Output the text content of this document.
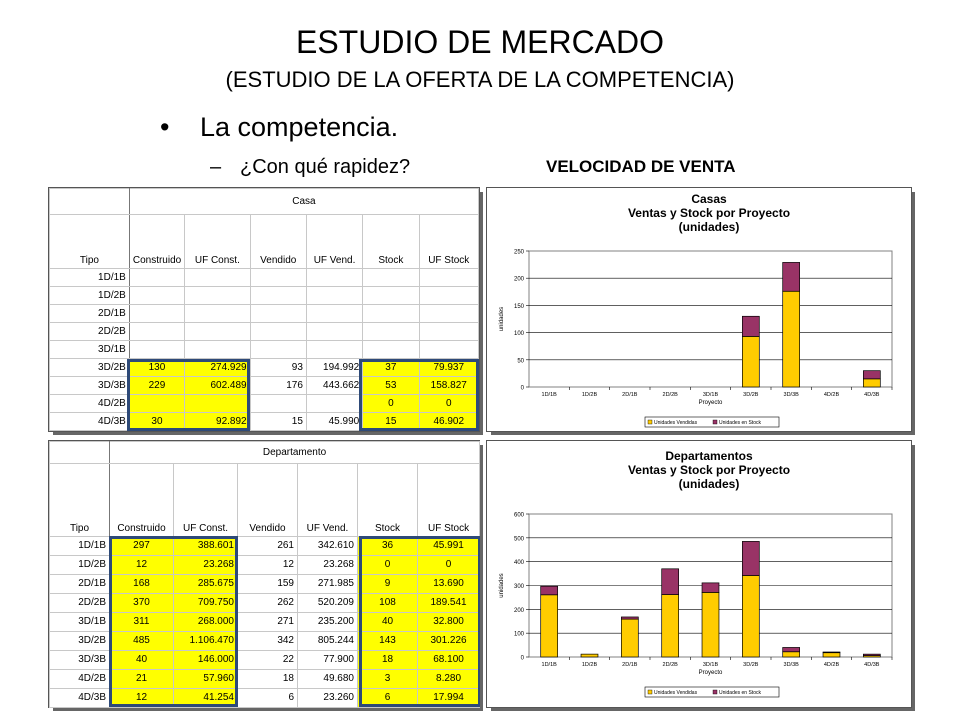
ESTUDIO DE MERCADO
(ESTUDIO DE LA OFERTA DE LA COMPETENCIA)
• La competencia.
– ¿Con qué rapidez?	VELOCIDAD DE VENTA
	Casa					
Tipo	Construido	UF Const.	Vendido	UF Vend.	Stock	UF Stock
1D/1B						
1D/2B						
2D/1B						
2D/2B						
3D/1B						
3D/2B	130	274.929	93	194.992	37	79.937
3D/3B	229	602.489	176	443.662	53	158.827
4D/2B					0	0
4D/3B	30	92.892	15	45.990	15	46.902
	Departamento					
Tipo	Construido	UF Const.	Vendido	UF Vend.	Stock	UF Stock
1D/1B	297	388.601	261	342.610	36	45.991
1D/2B	12	23.268	12	23.268	0	0
2D/1B	168	285.675	159	271.985	9	13.690
2D/2B	370	709.750	262	520.209	108	189.541
3D/1B	311	268.000	271	235.200	40	32.800
3D/2B	485	1.106.470	342	805.244	143	301.226
3D/3B	40	146.000	22	77.900	18	68.100
4D/2B	21	57.960	18	49.680	3	8.280
4D/3B	12	41.254	6	23.260	6	17.994
Casas
Ventas y Stock por Proyecto
(unidades)
0
50
100
150
200
250
unidades
1D/1B	1D/2B	2D/1B	2D/2B	3D/1B	3D/2B	3D/3B	4D/2B	4D/3B
Proyecto
Unidades Vendidas	Unidades en Stock
Departamentos
Ventas y Stock por Proyecto
(unidades)
0
100
200
300
400
500
600
unidades
1D/1B	1D/2B	2D/1B	2D/2B	3D/1B	3D/2B	3D/3B	4D/2B	4D/3B
Proyecto
Unidades Vendidas	Unidades en Stock
